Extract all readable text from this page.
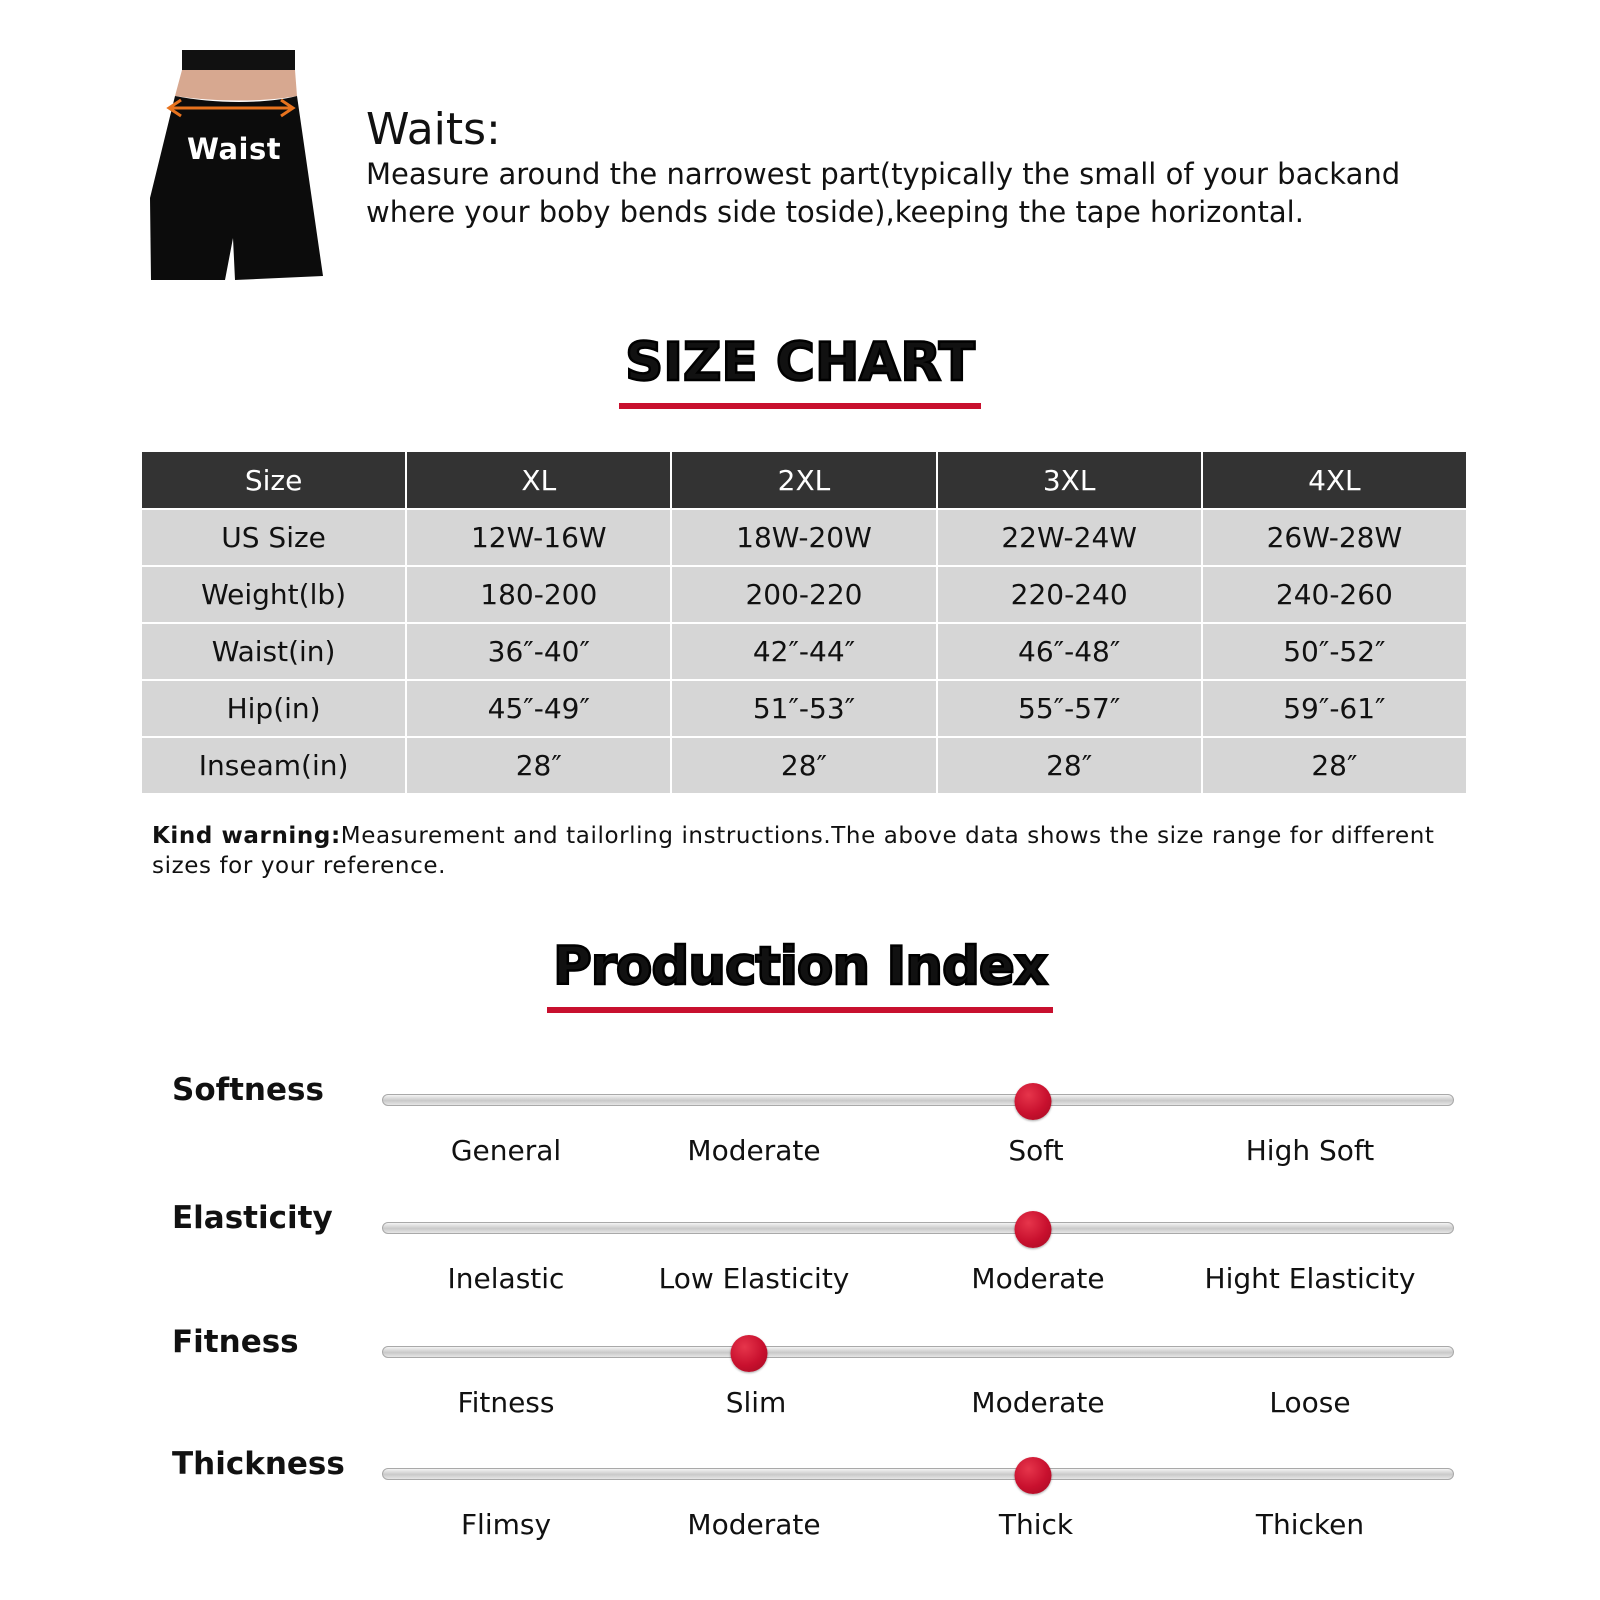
Waist Waits:
Measure around the narrowest part(typically the small of your backand
where your boby bends side toside),keeping the tape horizontal.
SIZE CHART
Size	XL	2XL	3XL	4XL
US Size	12W-16W	18W-20W	22W-24W	26W-28W
Weight(lb)	180-200	200-220	220-240	240-260
Waist(in)	36″-40″	42″-44″	46″-48″	50″-52″
Hip(in)	45″-49″	51″-53″	55″-57″	59″-61″
Inseam(in)	28″	28″	28″	28″
Kind warning:Measurement and tailorling instructions.The above data shows the size range for different sizes for your reference.
Production Index
Softness
General	Moderate	Soft	High Soft
Elasticity
Inelastic	Low Elasticity	Moderate	Hight Elasticity
Fitness
Fitness	Slim	Moderate	Loose
Thickness
Flimsy	Moderate	Thick	Thicken
